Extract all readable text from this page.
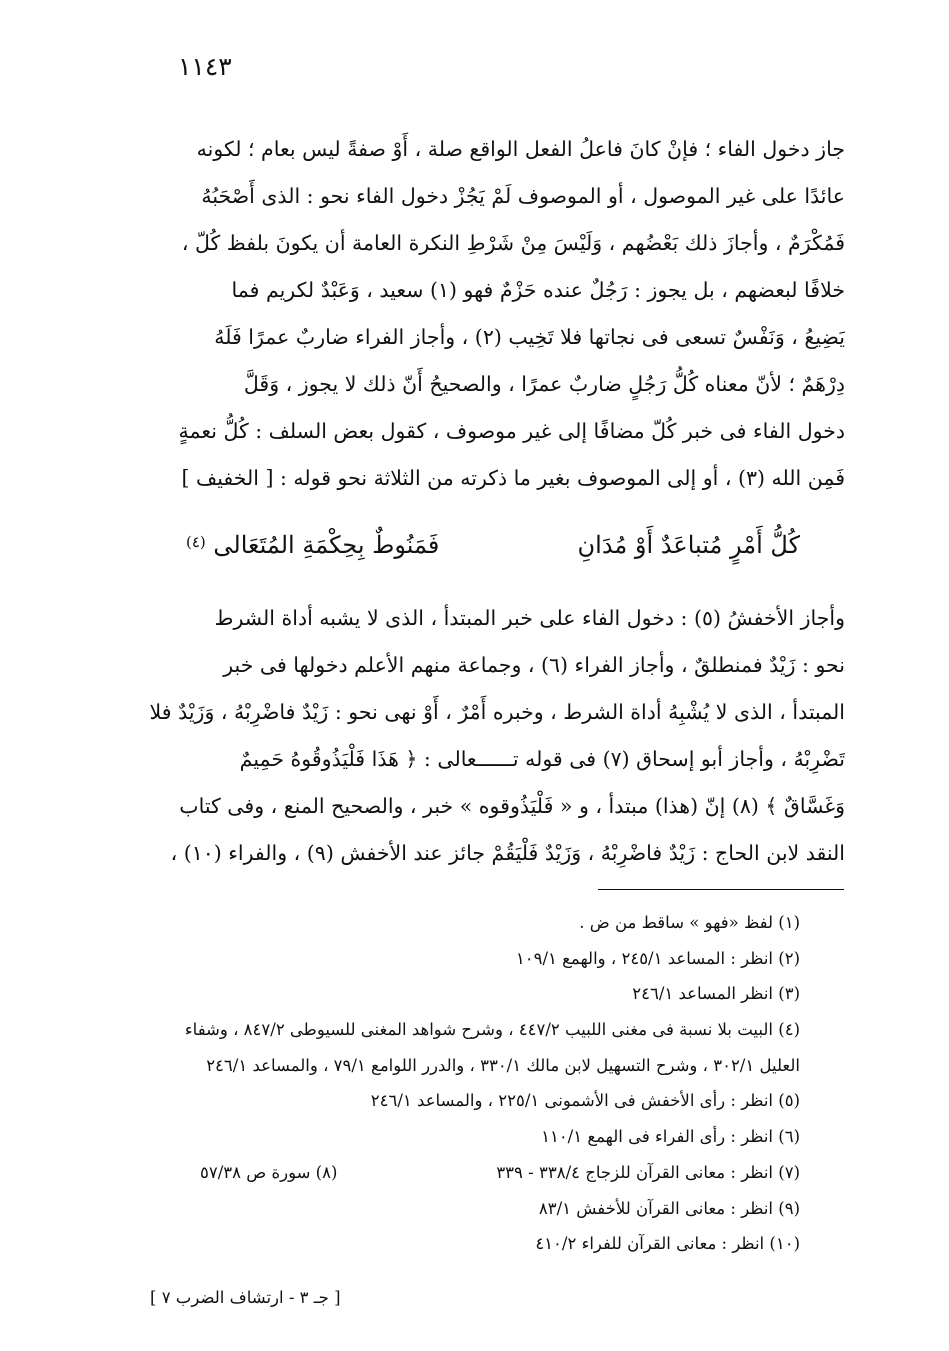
١١٤٣
جاز دخول الفاء ؛ فإنْ كانَ فاعلُ الفعل الواقع صلة ، أَوْ صفةً ليس بعام ؛ لكونه
عائدًا على غير الموصول ، أو الموصوف لَمْ يَجُزْ دخول الفاء نحو : الذى أَصْحَبُهُ
فَمُكْرَمٌ ، وأجازَ ذلك بَعْضُهم ، وَلَيْسَ مِنْ شَرْطِ النكرة العامة أن يكونَ بلفظ كُلّ ،
خلافًا لبعضهم ، بل يجوز : رَجُلٌ عنده حَزْمٌ فهو (١) سعيد ، وَعَبْدٌ لكريم فما
يَضِيعُ ، وَنَفْسٌ تسعى فى نجاتها فلا تَخِيب (٢) ، وأجاز الفراء ضاربٌ عمرًا فَلَهُ
دِرْهَمٌ ؛ لأنّ معناه كُلُّ رَجُلٍ ضاربٌ عمرًا ، والصحيحُ أَنّ ذلك لا يجوز ، وَقَلَّ
دخول الفاء فى خبر كُلّ مضافًا إلى غير موصوف ، كقول بعض السلف : كُلُّ نعمةٍ
فَمِن الله (٣) ، أو إلى الموصوف بغير ما ذكرته من الثلاثة نحو قوله : [ الخفيف ]
كُلُّ أَمْرٍ مُتباعَدٌ أَوْ مُدَانِ
فَمَنُوطٌ بِحِكْمَةِ المُتَعَالى $^{(٤)}$
وأجاز الأخفشُ (٥) : دخول الفاء على خبر المبتدأ ، الذى لا يشبه أداة الشرط
نحو : زَيْدٌ فمنطلقٌ ، وأجاز الفراء (٦) ، وجماعة منهم الأعلم دخولها فى خبر
المبتدأ ، الذى لا يُشْبِهُ أداة الشرط ، وخبره أَمْرٌ ، أَوْ نهى نحو : زَيْدٌ فاضْرِبْهُ ، وَزَيْدٌ فلا
تَضْرِبْهُ ، وأجاز أبو إسحاق (٧) فى قوله تــــــعالى : ﴿ هَذَا فَلْيَذُوقُوهُ حَمِيمٌ
وَغَسَّاقٌ ﴾ (٨) إنّ (هذا) مبتدأ ، و « فَلْيَذُوقوه » خبر ، والصحيح المنع ، وفى كتاب
النقد لابن الحاج : زَيْدٌ فاضْرِبْهُ ، وَزَيْدٌ فَلْيَقُمْ جائز عند الأخفش (٩) ، والفراء (١٠) ،
(١) لفظ «فهو » ساقط من ض .
(٢) انظر : المساعد ٢٤٥/١ ، والهمع ١٠٩/١
(٣) انظر المساعد ٢٤٦/١
(٤) البيت بلا نسبة فى مغنى اللبيب ٤٤٧/٢ ، وشرح شواهد المغنى للسيوطى ٨٤٧/٢ ، وشفاء
العليل ٣٠٢/١ ، وشرح التسهيل لابن مالك ٣٣٠/١ ، والدرر اللوامع ٧٩/١ ، والمساعد ٢٤٦/١
(٥) انظر : رأى الأخفش فى الأشمونى ٢٢٥/١ ، والمساعد ٢٤٦/١
(٦) انظر : رأى الفراء فى الهمع ١١٠/١
(٧) انظر : معانى القرآن للزجاج ٣٣٨/٤ - ٣٣٩
(٨) سورة ص ٥٧/٣٨
(٩) انظر : معانى القرآن للأخفش ٨٣/١
(١٠) انظر : معانى القرآن للفراء ٤١٠/٢
[ جـ ٣ - ارتشاف الضرب ٧ ]
